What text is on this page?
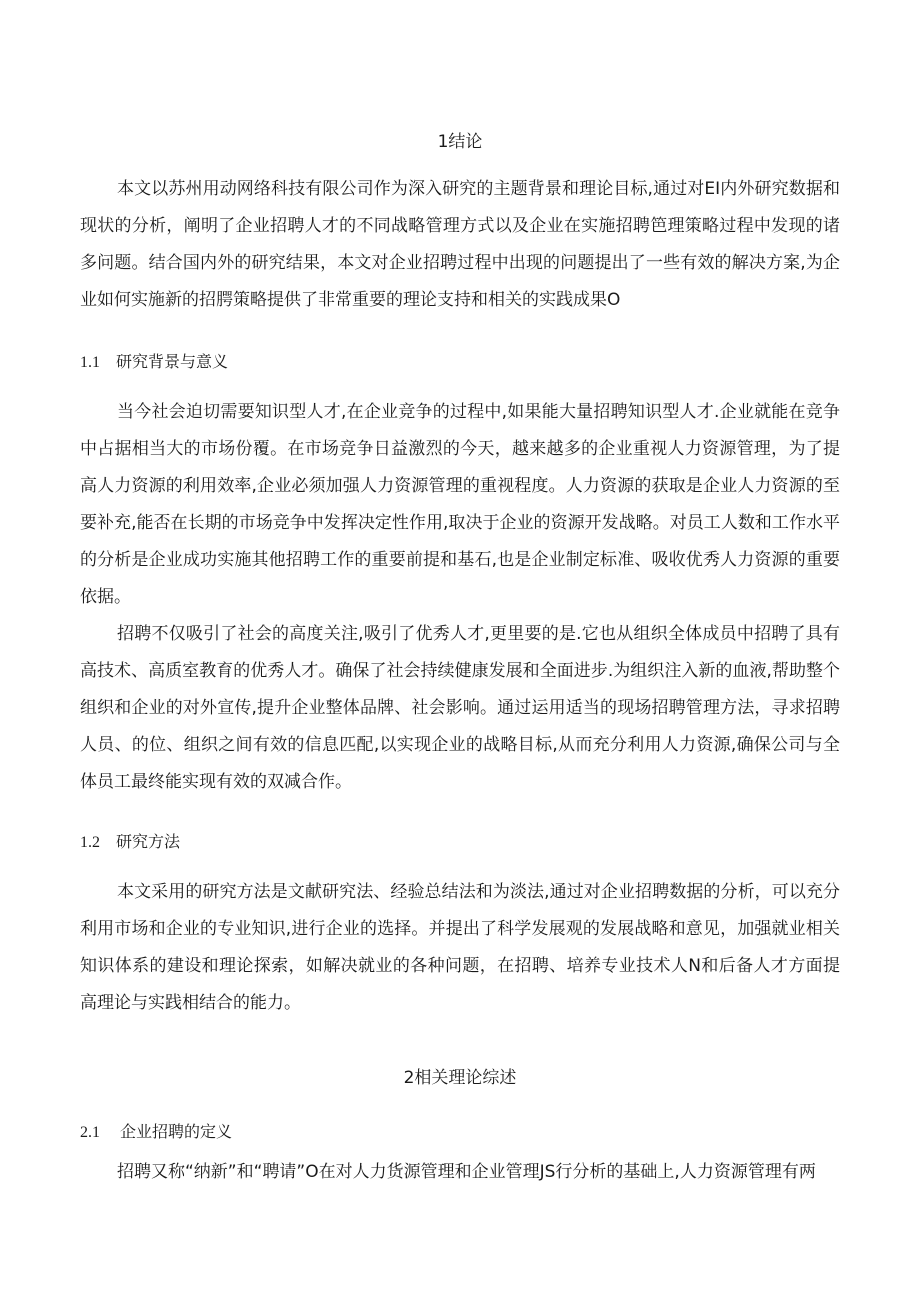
1结论

本文以苏州用动网络科技有限公司作为深入研究的主题背景和理论目标,通过对EI内外研究数据和现状的分析，阐明了企业招聘人才的不同战略管理方式以及企业在实施招聘笆理策略过程中发现的诸多问题。结合国内外的研究结果，本文对企业招聘过程中出现的问题提出了一些有效的解决方案,为企业如何实施新的招腭策略提供了非常重要的理论支持和相关的实践成果O

1.1 研究背景与意义

当今社会迫切需要知识型人才,在企业竞争的过程中,如果能大量招聘知识型人才.企业就能在竞争中占据相当大的市场份覆。在市场竞争日益激烈的今天，越来越多的企业重视人力资源管理，为了提高人力资源的利用效率,企业必须加强人力资源管理的重视程度。人力资源的获取是企业人力资源的至要补充,能否在长期的市场竞争中发挥决定性作用,取决于企业的资源开发战略。对员工人数和工作水平的分析是企业成功实施其他招聘工作的重要前提和基石,也是企业制定标准、吸收优秀人力资源的重要依据。

招聘不仅吸引了社会的高度关注,吸引了优秀人才,更里要的是.它也从组织全体成员中招聘了具有高技术、高质室教育的优秀人才。确保了社会持续健康发展和全面进步.为组织注入新的血液,帮助整个组织和企业的对外宣传,提升企业整体品牌、社会影响。通过运用适当的现场招聘管理方法，寻求招聘人员、的位、组织之间有效的信息匹配,以实现企业的战略目标,从而充分利用人力资源,确保公司与全体员工最终能实现有效的双减合作。

1.2 研究方法

本文采用的研究方法是文献研究法、经验总结法和为淡法,通过对企业招聘数据的分析，可以充分利用市场和企业的专业知识,进行企业的选择。并提出了科学发展观的发展战略和意见，加强就业相关知识体系的建设和理论探索，如解决就业的各种问题，在招聘、培养专业技术人N和后备人才方面提高理论与实践相结合的能力。

2相关理论综述
2.1 企业招聘的定义

招聘又称“纳新”和“聘请”O在对人力货源管理和企业管理JS行分析的基础上,人力资源管理有两
